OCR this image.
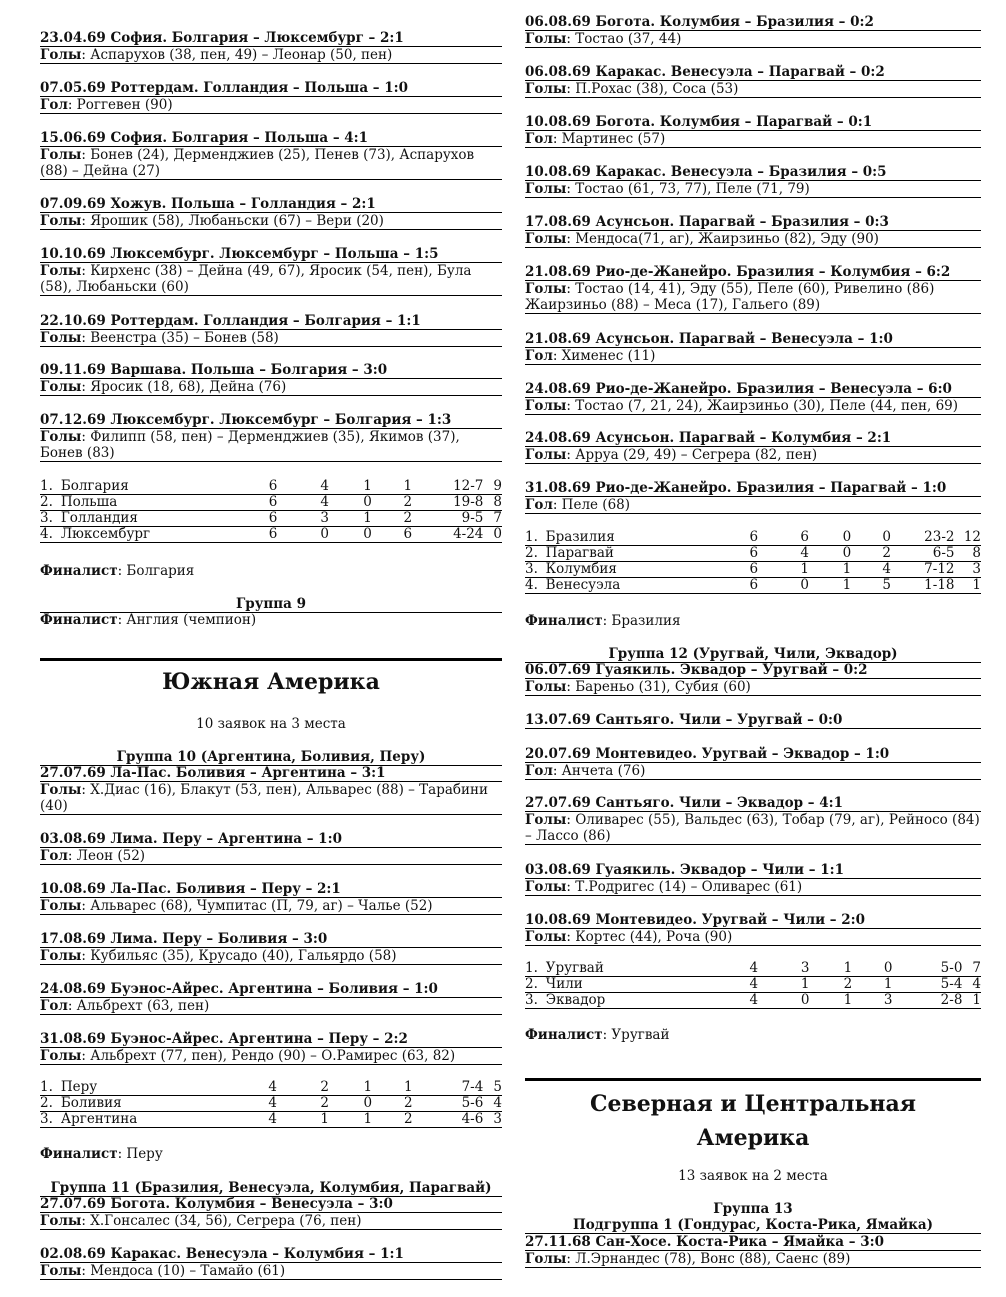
23.04.69 София. Болгария – Люксембург – 2:1
Голы: Аспарухов (38, пен, 49) – Леонар (50, пен)
07.05.69 Роттердам. Голландия – Польша – 1:0
Гол: Роггевен (90)
15.06.69 София. Болгария – Польша – 4:1
Голы: Бонев (24), Дерменджиев (25), Пенев (73), Аспарухов (88) – Дейна (27)
07.09.69 Хожув. Польша – Голландия – 2:1
Голы: Ярошик (58), Любаньски (67) – Вери (20)
10.10.69 Люксембург. Люксембург – Польша – 1:5
Голы: Кирхенс (38) – Дейна (49, 67), Яросик (54, пен), Була (58), Любаньски (60)
22.10.69 Роттердам. Голландия – Болгария – 1:1
Голы: Веенстра (35) – Бонев (58)
09.11.69 Варшава. Польша – Болгария – 3:0
Голы: Яросик (18, 68), Дейна (76)
07.12.69 Люксембург. Люксембург – Болгария – 1:3
Голы: Филипп (58, пен) – Дерменджиев (35), Якимов (37), Бонев (83)
1.	Болгария	6	4	1	1	12-7	9
2.	Польша	6	4	0	2	19-8	8
3.	Голландия	6	3	1	2	9-5	7
4.	Люксембург	6	0	0	6	4-24	0
Финалист: Болгария
Группа 9
Финалист: Англия (чемпион)
Южная Америка
10 заявок на 3 места
Группа 10 (Аргентина, Боливия, Перу)
27.07.69 Ла-Пас. Боливия – Аргентина – 3:1
Голы: Х.Диас (16), Блакут (53, пен), Альварес (88) – Тарабини (40)
03.08.69 Лима. Перу – Аргентина – 1:0
Гол: Леон (52)
10.08.69 Ла-Пас. Боливия – Перу – 2:1
Голы: Альварес (68), Чумпитас (П, 79, аг) – Чалье (52)
17.08.69 Лима. Перу – Боливия – 3:0
Голы: Кубильяс (35), Крусадо (40), Гальярдо (58)
24.08.69 Буэнос-Айрес. Аргентина – Боливия – 1:0
Гол: Альбрехт (63, пен)
31.08.69 Буэнос-Айрес. Аргентина – Перу – 2:2
Голы: Альбрехт (77, пен), Рендо (90) – О.Рамирес (63, 82)
1.	Перу	4	2	1	1	7-4	5
2.	Боливия	4	2	0	2	5-6	4
3.	Аргентина	4	1	1	2	4-6	3
Финалист: Перу
Группа 11 (Бразилия, Венесуэла, Колумбия, Парагвай)
27.07.69 Богота. Колумбия – Венесуэла – 3:0
Голы: Х.Гонсалес (34, 56), Сегрера (76, пен)
02.08.69 Каракас. Венесуэла – Колумбия – 1:1
Голы: Мендоса (10) – Тамайо (61)
06.08.69 Богота. Колумбия – Бразилия – 0:2
Голы: Тостао (37, 44)
06.08.69 Каракас. Венесуэла – Парагвай – 0:2
Голы: П.Рохас (38), Соса (53)
10.08.69 Богота. Колумбия – Парагвай – 0:1
Гол: Мартинес (57)
10.08.69 Каракас. Венесуэла – Бразилия – 0:5
Голы: Тостао (61, 73, 77), Пеле (71, 79)
17.08.69 Асунсьон. Парагвай – Бразилия – 0:3
Голы: Мендоса(71, аг), Жаирзиньо (82), Эду (90)
21.08.69 Рио-де-Жанейро. Бразилия – Колумбия – 6:2
Голы: Тостао (14, 41), Эду (55), Пеле (60), Ривелино (86) Жаирзиньо (88) – Меса (17), Гальего (89)
21.08.69 Асунсьон. Парагвай – Венесуэла – 1:0
Гол: Хименес (11)
24.08.69 Рио-де-Жанейро. Бразилия – Венесуэла – 6:0
Голы: Тостао (7, 21, 24), Жаирзиньо (30), Пеле (44, пен, 69)
24.08.69 Асунсьон. Парагвай – Колумбия – 2:1
Голы: Арруа (29, 49) – Сегрера (82, пен)
31.08.69 Рио-де-Жанейро. Бразилия – Парагвай – 1:0
Гол: Пеле (68)
1.	Бразилия	6	6	0	0	23-2	12
2.	Парагвай	6	4	0	2	6-5	8
3.	Колумбия	6	1	1	4	7-12	3
4.	Венесуэла	6	0	1	5	1-18	1
Финалист: Бразилия
Группа 12 (Уругвай, Чили, Эквадор)
06.07.69 Гуаякиль. Эквадор – Уругвай – 0:2
Голы: Бареньо (31), Субия (60)
13.07.69 Сантьяго. Чили – Уругвай – 0:0
20.07.69 Монтевидео. Уругвай – Эквадор – 1:0
Гол: Анчета (76)
27.07.69 Сантьяго. Чили – Эквадор – 4:1
Голы: Оливарес (55), Вальдес (63), Тобар (79, аг), Рейносо (84) – Лассо (86)
03.08.69 Гуаякиль. Эквадор – Чили – 1:1
Голы: Т.Родригес (14) – Оливарес (61)
10.08.69 Монтевидео. Уругвай – Чили – 2:0
Голы: Кортес (44), Роча (90)
1.	Уругвай	4	3	1	0	5-0	7
2.	Чили	4	1	2	1	5-4	4
3.	Эквадор	4	0	1	3	2-8	1
Финалист: Уругвай
Северная и Центральная
Америка
13 заявок на 2 места
Группа 13
Подгруппа 1 (Гондурас, Коста-Рика, Ямайка)
27.11.68 Сан-Хосе. Коста-Рика – Ямайка – 3:0
Голы: Л.Эрнандес (78), Вонс (88), Саенс (89)
